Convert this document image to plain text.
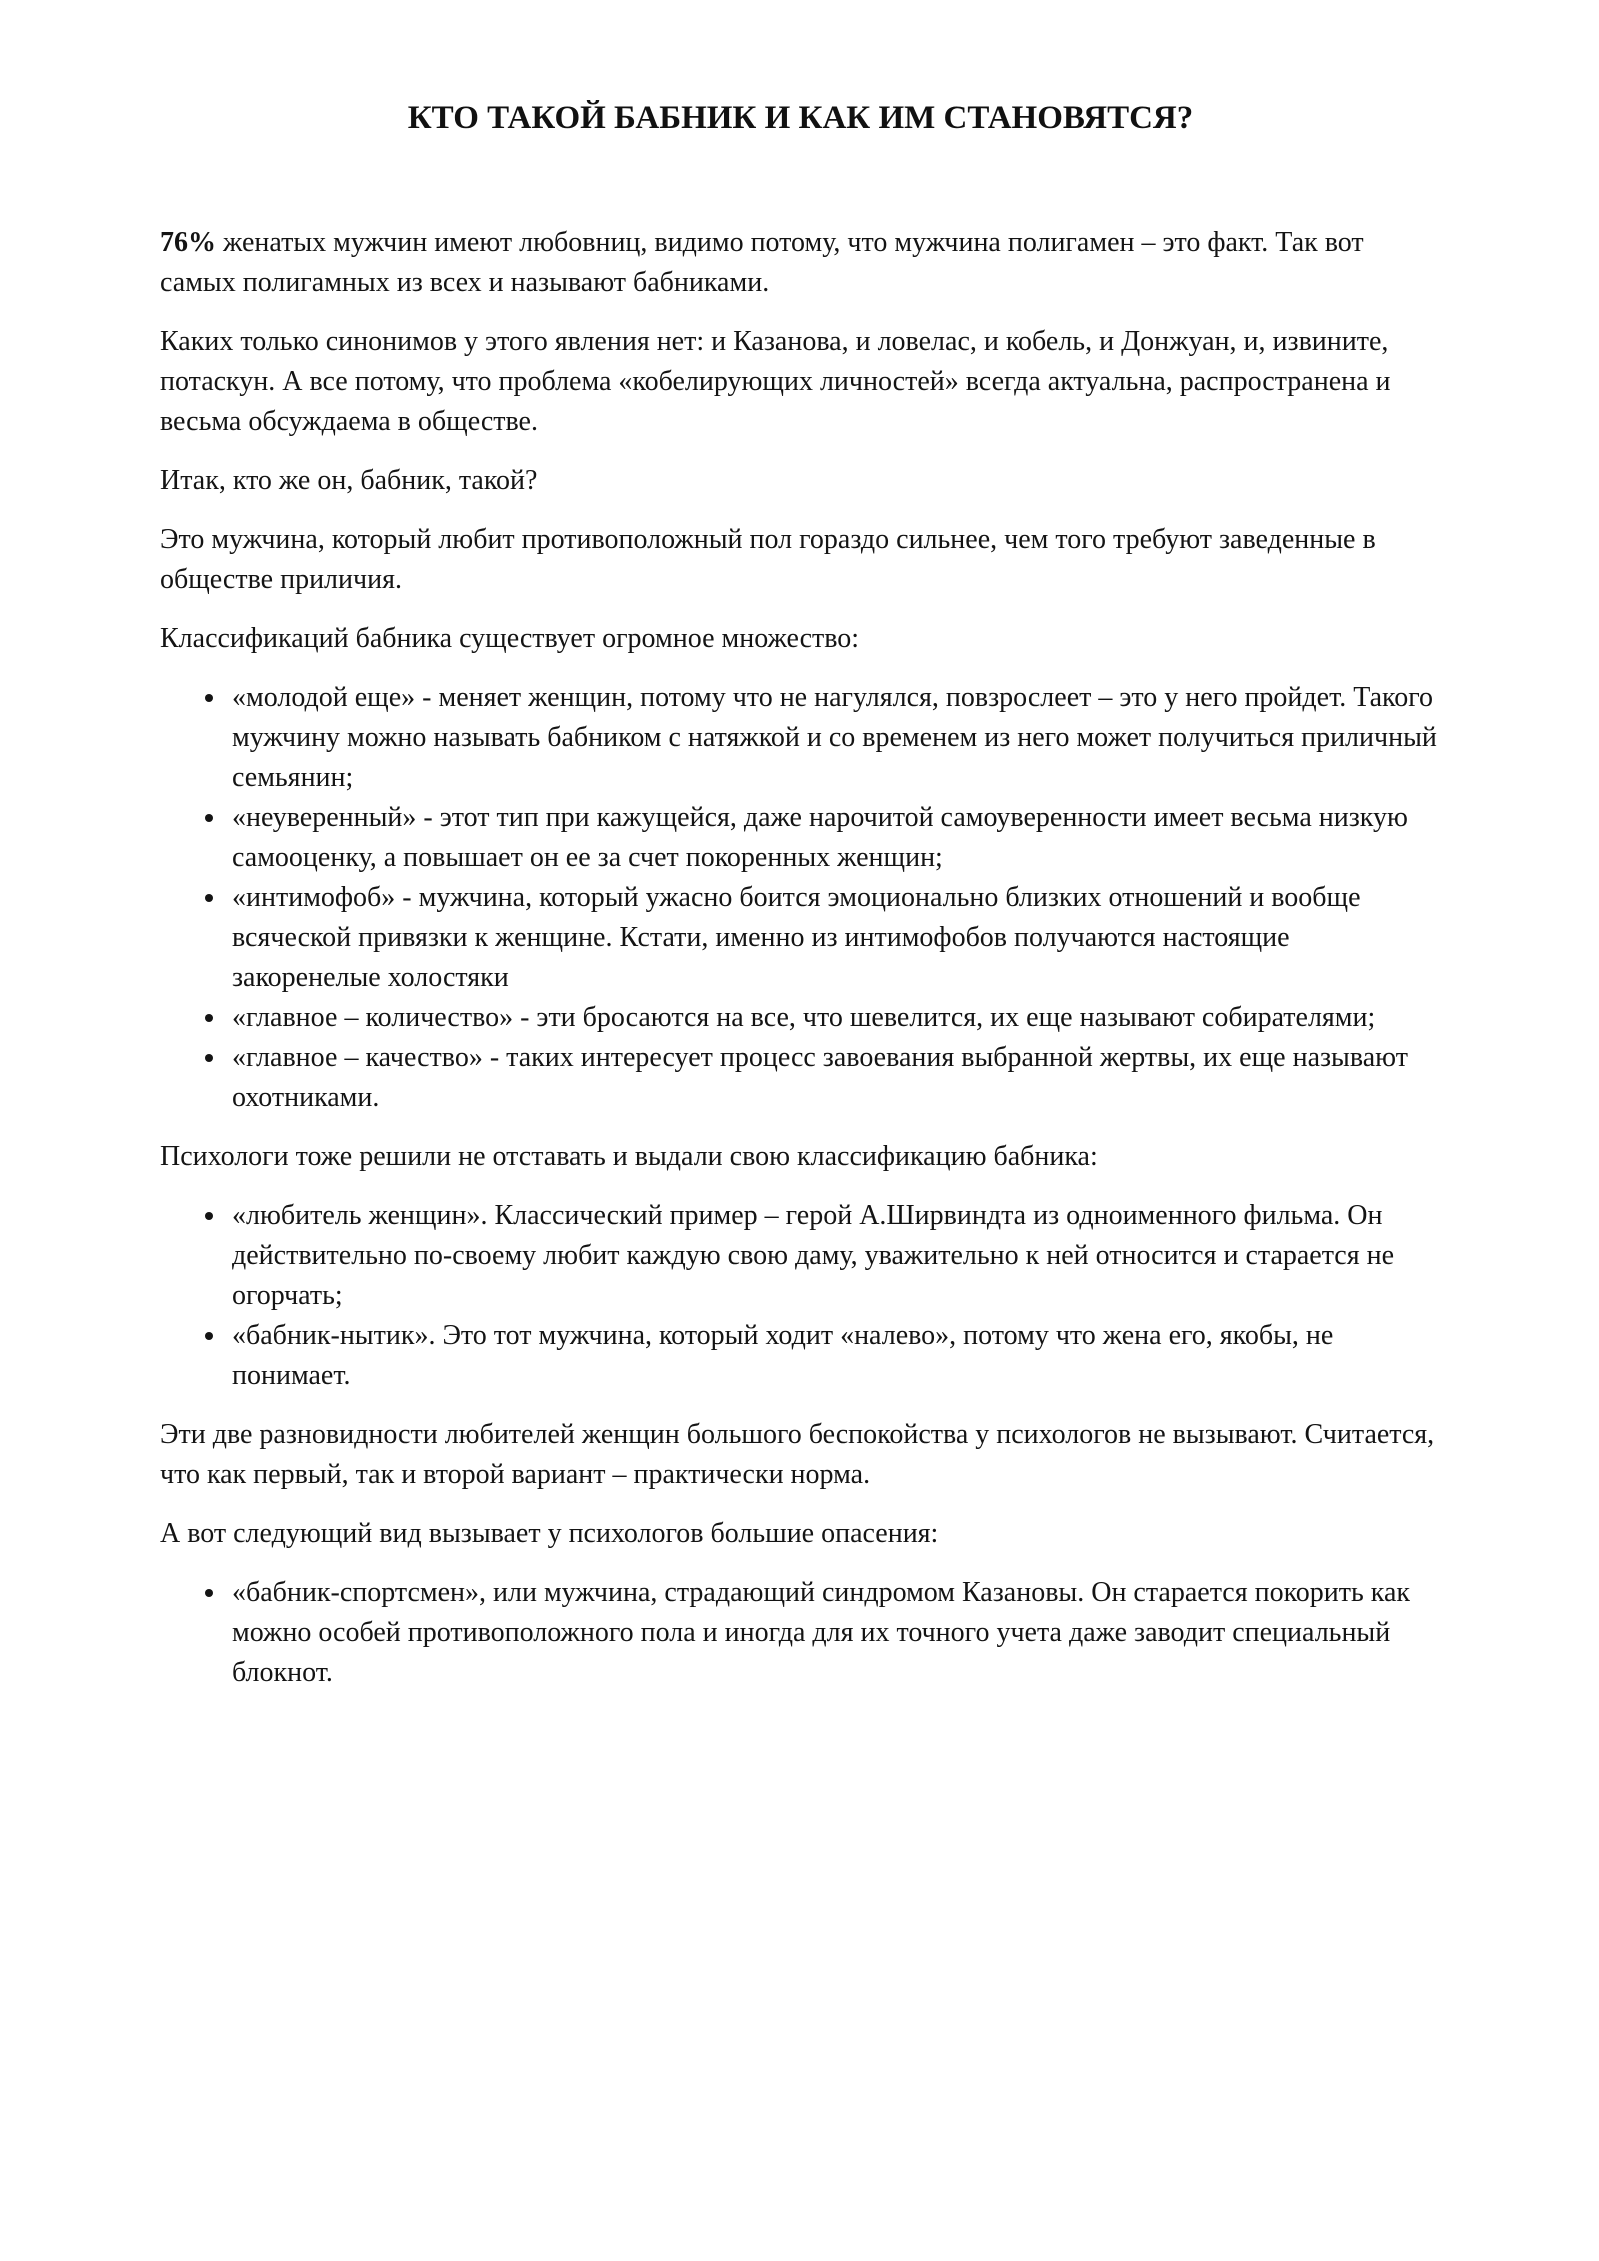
КТО ТАКОЙ БАБНИК И КАК ИМ СТАНОВЯТСЯ?

76% женатых мужчин имеют любовниц, видимо потому, что мужчина полигамен – это факт. Так вот самых полигамных из всех и называют бабниками.

Каких только синонимов у этого явления нет: и Казанова, и ловелас, и кобель, и Донжуан, и, извините, потаскун. А все потому, что проблема «кобелирующих личностей» всегда актуальна, распространена и весьма обсуждаема в обществе.

Итак, кто же он, бабник, такой?

Это мужчина, который любит противоположный пол гораздо сильнее, чем того требуют заведенные в обществе приличия.

Классификаций бабника существует огромное множество:

• «молодой еще» - меняет женщин, потому что не нагулялся, повзрослеет – это у него пройдет. Такого мужчину можно называть бабником с натяжкой и со временем из него может получиться приличный семьянин;
• «неуверенный» - этот тип при кажущейся, даже нарочитой самоуверенности имеет весьма низкую самооценку, а повышает он ее за счет покоренных женщин;
• «интимофоб» - мужчина, который ужасно боится эмоционально близких отношений и вообще всяческой привязки к женщине. Кстати, именно из интимофобов получаются настоящие закоренелые холостяки
• «главное – количество» - эти бросаются на все, что шевелится, их еще называют собирателями;
• «главное – качество» - таких интересует процесс завоевания выбранной жертвы, их еще называют охотниками.

Психологи тоже решили не отставать и выдали свою классификацию бабника:

• «любитель женщин». Классический пример – герой А.Ширвиндта из одноименного фильма. Он действительно по-своему любит каждую свою даму, уважительно к ней относится и старается не огорчать;
• «бабник-нытик». Это тот мужчина, который ходит «налево», потому что жена его, якобы, не понимает.

Эти две разновидности любителей женщин большого беспокойства у психологов не вызывают. Считается, что как первый, так и второй вариант – практически норма.

А вот следующий вид вызывает у психологов большие опасения:

• «бабник-спортсмен», или мужчина, страдающий синдромом Казановы. Он старается покорить как можно особей противоположного пола и иногда для их точного учета даже заводит специальный блокнот.
